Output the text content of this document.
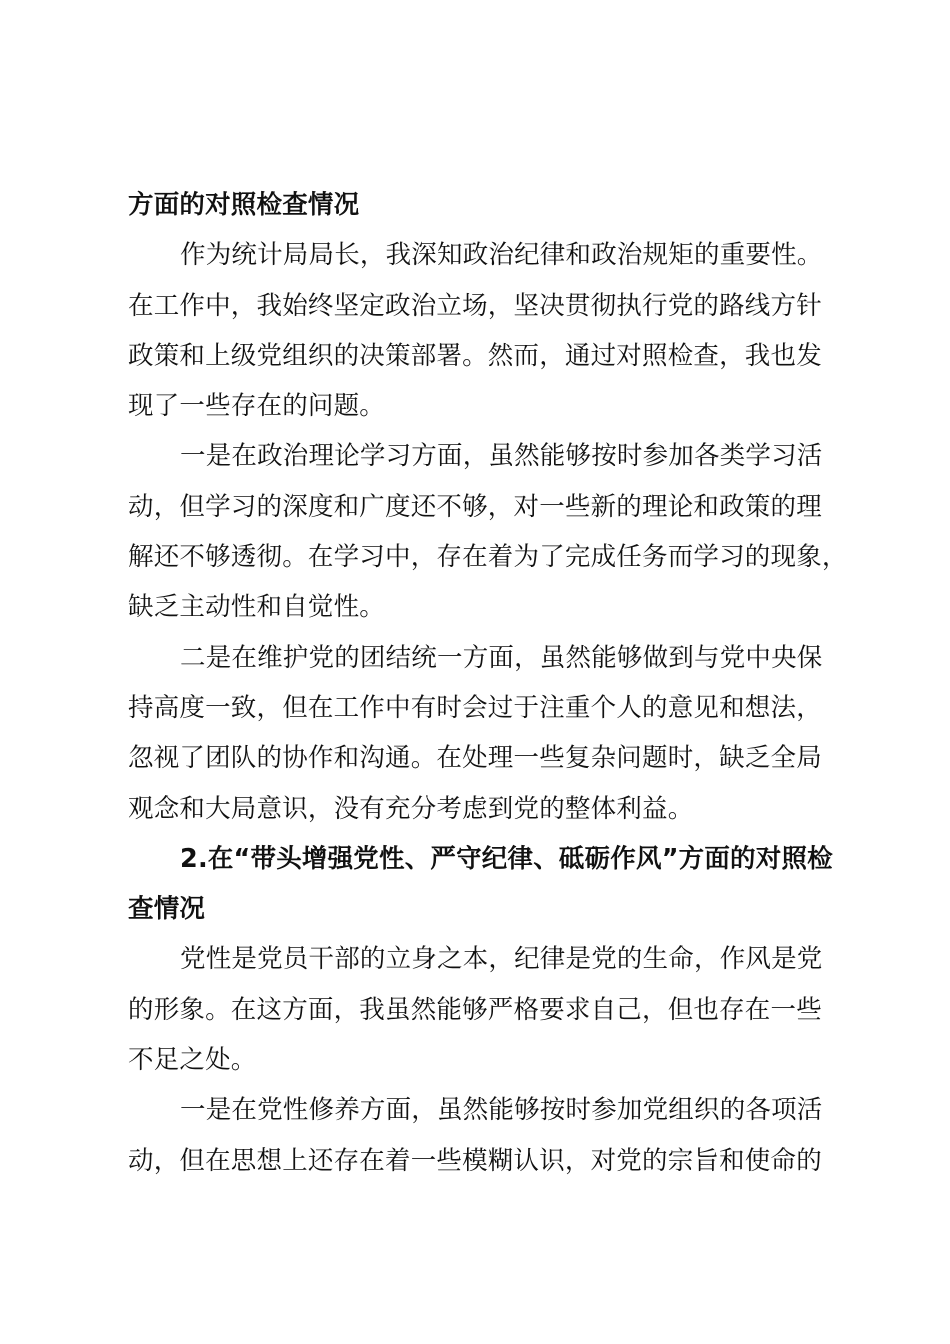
方面的对照检查情况
作为统计局局长，我深知政治纪律和政治规矩的重要性。
在工作中，我始终坚定政治立场，坚决贯彻执行党的路线方针
政策和上级党组织的决策部署。然而，通过对照检查，我也发
现了一些存在的问题。
一是在政治理论学习方面，虽然能够按时参加各类学习活
动，但学习的深度和广度还不够，对一些新的理论和政策的理
解还不够透彻。在学习中，存在着为了完成任务而学习的现象，
缺乏主动性和自觉性。
二是在维护党的团结统一方面，虽然能够做到与党中央保
持高度一致，但在工作中有时会过于注重个人的意见和想法，
忽视了团队的协作和沟通。在处理一些复杂问题时，缺乏全局
观念和大局意识，没有充分考虑到党的整体利益。
2.在“带头增强党性、严守纪律、砥砺作风”方面的对照检
查情况
党性是党员干部的立身之本，纪律是党的生命，作风是党
的形象。在这方面，我虽然能够严格要求自己，但也存在一些
不足之处。
一是在党性修养方面，虽然能够按时参加党组织的各项活
动，但在思想上还存在着一些模糊认识，对党的宗旨和使命的
